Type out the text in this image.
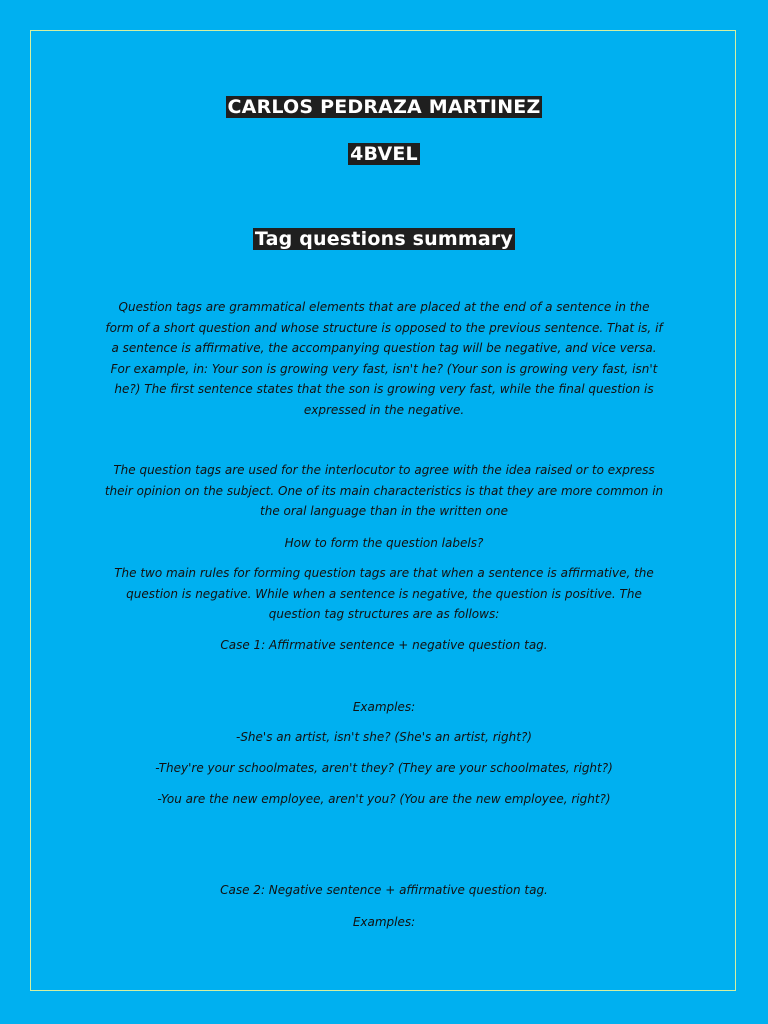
CARLOS PEDRAZA MARTINEZ
4BVEL
Tag questions summary

Question tags are grammatical elements that are placed at the end of a sentence in the form of a short question and whose structure is opposed to the previous sentence. That is, if a sentence is affirmative, the accompanying question tag will be negative, and vice versa. For example, in: Your son is growing very fast, isn't he? (Your son is growing very fast, isn't he?) The first sentence states that the son is growing very fast, while the final question is expressed in the negative.

The question tags are used for the interlocutor to agree with the idea raised or to express their opinion on the subject. One of its main characteristics is that they are more common in the oral language than in the written one

How to form the question labels?

The two main rules for forming question tags are that when a sentence is affirmative, the question is negative. While when a sentence is negative, the question is positive. The question tag structures are as follows:

Case 1: Affirmative sentence + negative question tag.

Examples:

-She's an artist, isn't she? (She's an artist, right?)

-They're your schoolmates, aren't they? (They are your schoolmates, right?)

-You are the new employee, aren't you? (You are the new employee, right?)

Case 2: Negative sentence + affirmative question tag.

Examples:
